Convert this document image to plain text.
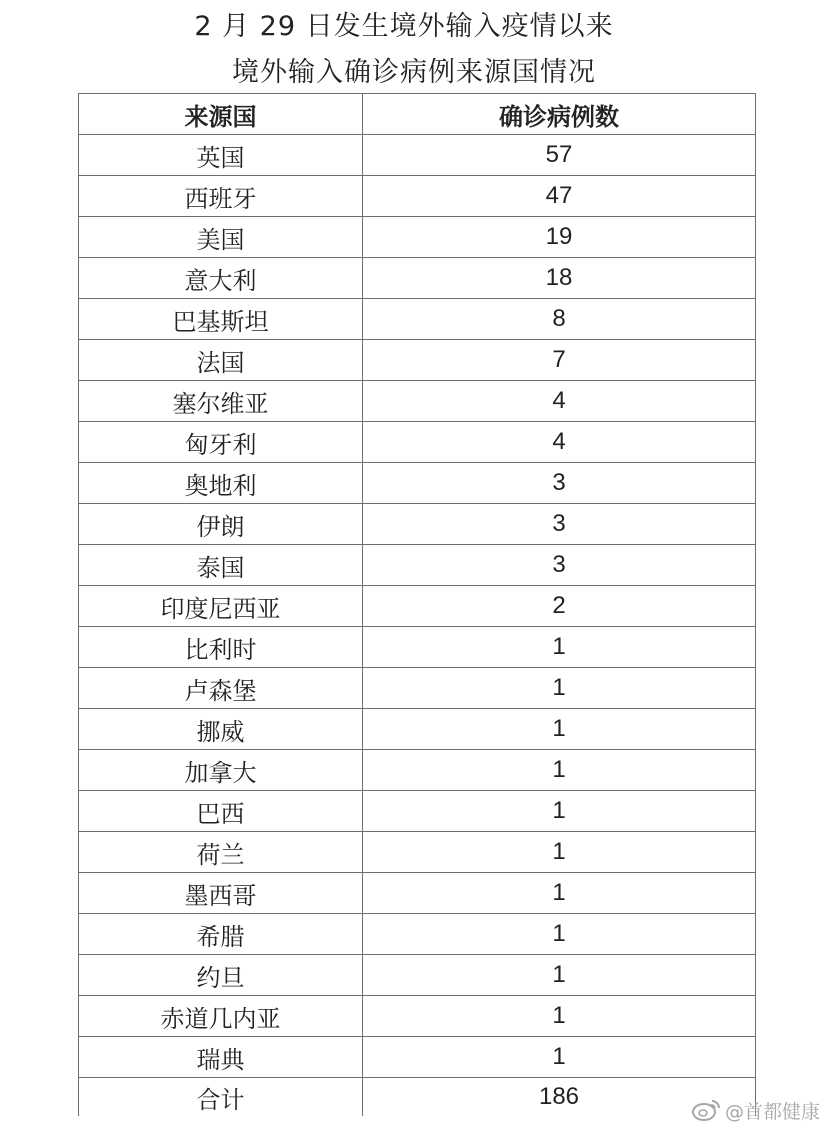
2 月 29 日发生境外输入疫情以来
境外输入确诊病例来源国情况
来源国	确诊病例数
英国	57
西班牙	47
美国	19
意大利	18
巴基斯坦	8
法国	7
塞尔维亚	4
匈牙利	4
奥地利	3
伊朗	3
泰国	3
印度尼西亚	2
比利时	1
卢森堡	1
挪威	1
加拿大	1
巴西	1
荷兰	1
墨西哥	1
希腊	1
约旦	1
赤道几内亚	1
瑞典	1
合计	186
@首都健康
